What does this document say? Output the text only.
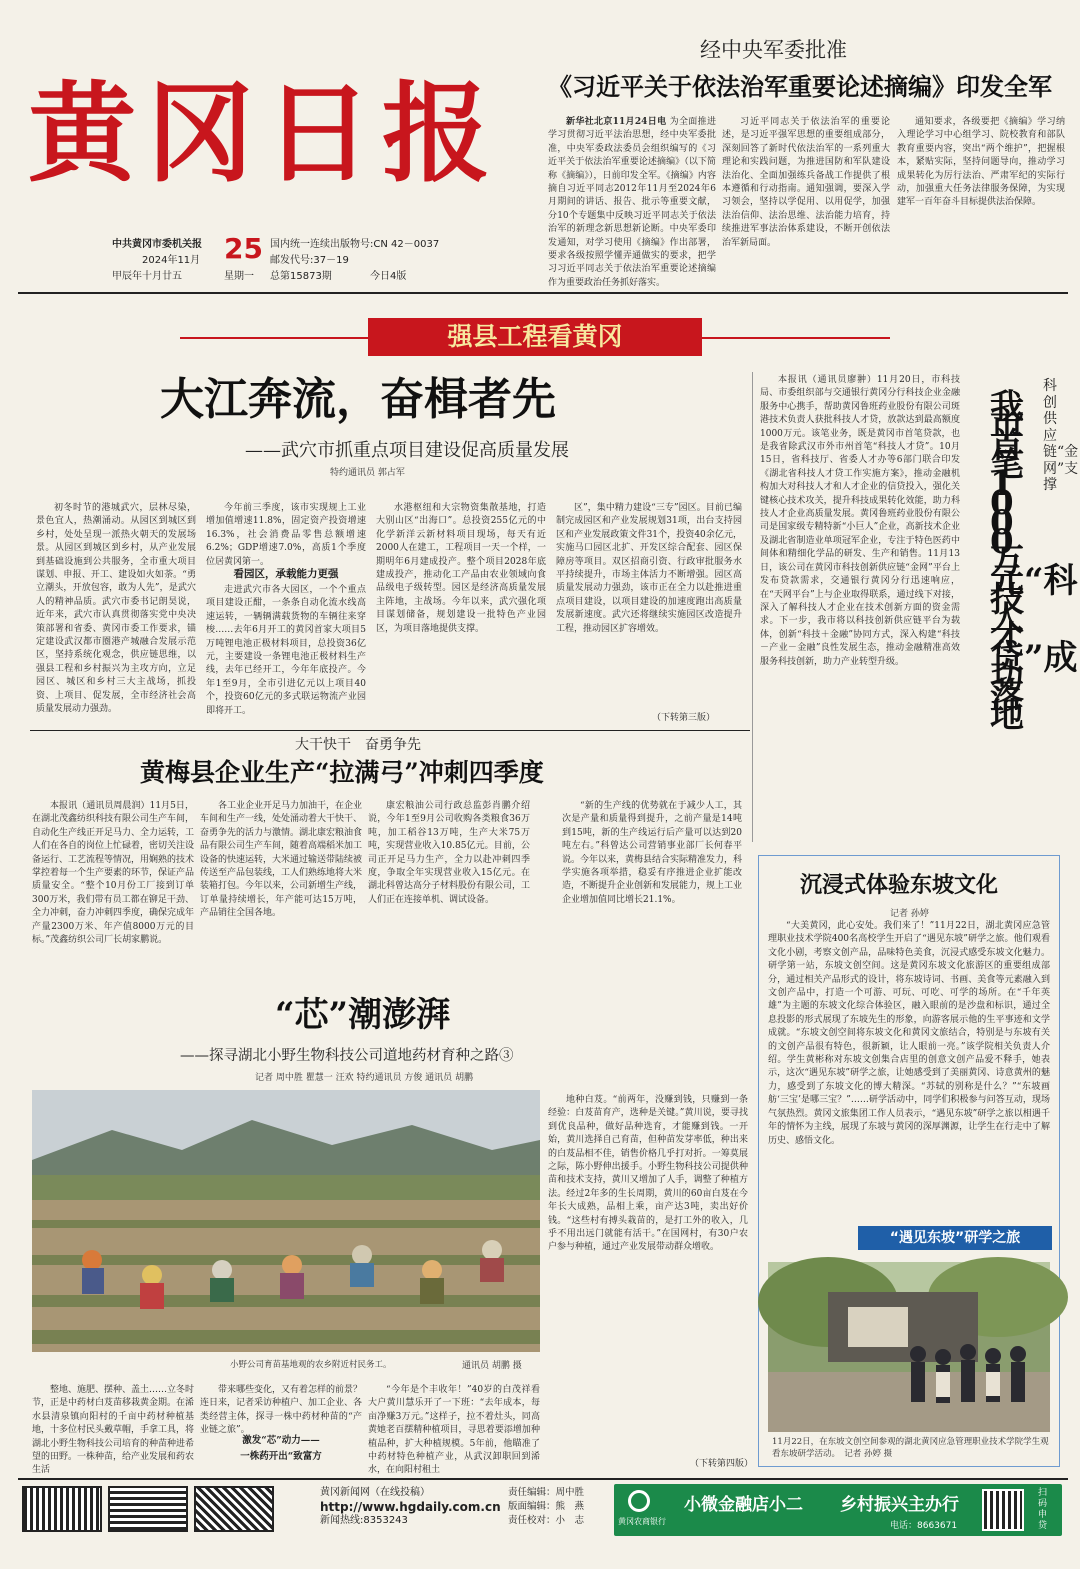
黄冈日报
中共黄冈市委机关报
2024年11月
甲辰年十月廿五
25
星期一
国内统一连续出版物号:CN 42－0037
邮发代号:37－19
总第15873期	今日4版
经中央军委批准
《习近平关于依法治军重要论述摘编》印发全军
新华社北京11月24日电 为全面推进学习贯彻习近平法治思想，经中央军委批准，中央军委政法委员会组织编写的《习近平关于依法治军重要论述摘编》（以下简称《摘编》），日前印发全军。《摘编》内容摘自习近平同志2012年11月至2024年6月期间的讲话、报告、批示等重要文献，分10个专题集中反映习近平同志关于依法治军的新理念新思想新论断。中央军委印发通知，对学习使用《摘编》作出部署，要求各级按照学懂弄通做实的要求，把学习习近平同志关于依法治军重要论述摘编作为重要政治任务抓好落实。
习近平同志关于依法治军的重要论述，是习近平强军思想的重要组成部分，深刻回答了新时代依法治军的一系列重大理论和实践问题，为推进国防和军队建设法治化、全面加强练兵备战工作提供了根本遵循和行动指南。通知强调，要深入学习领会，坚持以学促用、以用促学，加强法治信仰、法治思维、法治能力培育，持续推进军事法治体系建设，不断开创依法治军新局面。
通知要求，各级要把《摘编》学习纳入理论学习中心组学习、院校教育和部队教育重要内容，突出“两个维护”，把握根本，紧贴实际，坚持问题导向，推动学习成果转化为厉行法治、严肃军纪的实际行动，加强重大任务法律服务保障，为实现建军一百年奋斗目标提供法治保障。
强县工程看黄冈
大江奔流，奋楫者先
——武穴市抓重点项目建设促高质量发展
特约通讯员 郭占军
初冬时节的港城武穴，层林尽染，景色宜人，热潮涌动。从园区到城区到乡村，处处呈现一派热火朝天的发展场景。从园区到城区到乡村，从产业发展到基础设施到公共服务，全市重大项目谋划、申报、开工、建设如火如荼。“勇立潮头，开放包容，敢为人先”，是武穴人的精神品质。武穴市委书记朗昊说，近年来，武穴市认真贯彻落实党中央决策部署和省委、黄冈市委工作要求，锚定建设武汉都市圈港产城融合发展示范区，坚持系统化观念，供应链思维，以强县工程和乡村振兴为主攻方向，立足园区、城区和乡村三大主战场，抓投资、上项目、促发展，全市经济社会高质量发展动力强劲。
今年前三季度，该市实现规上工业增加值增速11.8%，固定资产投资增速16.3%，社会消费品零售总额增速6.2%；GDP增速7.0%，高质1个季度位居黄冈第一。
看园区，承载能力更强
走进武穴市各大园区，一个个重点项目建设正酣，一条条自动化流水线高速运转，一辆辆满载货物的车辆往来穿梭……去年6月开工的黄冈首家大项目5万吨锂电池正极材料项目，总投资36亿元，主要建设一条锂电池正极材料生产线，去年已经开工，今年年底投产。今年1至9月，全市引进亿元以上项目40个，投资60亿元的多式联运物流产业园即将开工。
水港枢纽和大宗物资集散基地，打造大别山区“出海口”。总投资255亿元的中化学新洋云新材料项目现场，每天有近2000人在建工，工程项目一天一个样，一期明年6月建成投产。整个项目2028年底建成投产，推动化工产品由农业领域向食品级电子级转型。园区是经济高质量发展主阵地，主战场。今年以来，武穴强化项目谋划储备，规划建设一批特色产业园区，为项目落地提供支撑。
区”，集中精力建设“三专”园区。目前已编制完成园区和产业发展规划31项，出台支持园区和产业发展政策文件31个，投资40余亿元，实施马口园区北扩、开发区综合配套、园区保障房等项目。双区招商引资、行政审批服务水平持续提升，市场主体活力不断增强。园区高质量发展动力强劲，该市正在全力以赴推进重点项目建设，以项目建设的加速度跑出高质量发展新速度。武穴还将继续实施园区改造提升工程，推动园区扩容增效。
（下转第三版）
大干快干　奋勇争先
黄梅县企业生产“拉满弓”冲刺四季度
本报讯（通讯员周晨润）11月5日，在湖北茂鑫纺织科技有限公司生产车间，自动化生产线正开足马力、全力运转，工人们在各自的岗位上忙碌着，密切关注设备运行、工艺流程等情况，用娴熟的技术掌控着每一个生产要素的环节，保证产品质量安全。“整个10月份工厂接到订单300万米，我们带有员工都在铆足干劲、全力冲刺，奋力冲刺四季度，确保完成年产量2300万米、年产值8000万元的目标。”茂鑫纺织公司厂长胡家鹏说。
各工业企业开足马力加油干，在企业车间和生产一线，处处涌动着大干快干、奋勇争先的活力与激情。湖北康宏粮油食品有限公司生产车间，随着高端稻米加工设备的快速运转，大米通过输送带陆续被传送至产品包装线，工人们熟练地将大米装箱打包。今年以来，公司新增生产线，订单量持续增长，年产能可达15万吨，产品销往全国各地。
康宏粮油公司行政总监彭肖鹏介绍说，今年1至9月公司收购各类粮食36万吨，加工稻谷13万吨，生产大米75万吨，实现营业收入10.85亿元。目前，公司正开足马力生产，全力以赴冲刺四季度，争取全年实现营业收入15亿元。在湖北科曾达高分子材料股份有限公司，工人们正在连接单机、调试设备。
“新的生产线的优势就在于减少人工，其次是产量和质量得到提升，之前产量是14吨到15吨，新的生产线运行后产量可以达到20吨左右。”科曾达公司营销事业部厂长何春平说。今年以来，黄梅县结合实际精准发力，科学实施各项举措，稳妥有序推进企业扩能改造，不断提升企业创新和发展能力，规上工业企业增加值同比增长21.1%。
本报讯（通讯员廖翀）11月20日，市科技局、市委组织部与交通银行黄冈分行科技企业金融服务中心携手，帮助黄冈鲁班药业股份有限公司斑港技术负责人获批科技人才贷，放款达到最高额度1000万元。该笔业务，既是黄冈市首笔贷款，也是我省除武汉市外市州首笔“科技人才贷”。10月15日，省科技厅、省委人才办等6部门联合印发《湖北省科技人才贷工作实施方案》，推动金融机构加大对科技人才和人才企业的信贷投入，强化关键核心技术攻关，提升科技成果转化效能，助力科技人才企业高质量发展。黄冈鲁班药业股份有限公司是国家级专精特新“小巨人”企业，高新技术企业及湖北省制造业单项冠军企业，专注于特色医药中间体和精细化学品的研发、生产和销售。11月13日，该公司在黄冈市科技创新供应链“金网”平台上发布贷款需求，交通银行黄冈分行迅速响应，在“天网平台”上与企业取得联系，通过线下对接，深入了解科技人才企业在技术创新方面的资金需求。下一步，我市将以科技创新供应链平台为载体，创新“科技＋金融”协同方式，深入构建“科技－产业－金融”良性发展生态，推动金融精准高效服务科技创新，助力产业转型升级。
科创供应链“金网”支撑
我市首笔1000万元“科技人才贷”成功落地
沉浸式体验东坡文化
记者 孙婷
“大美黄冈，此心安处。我们来了！”11月22日，湖北黄冈应急管理职业技术学院400名高校学生开启了“遇见东坡”研学之旅。他们观看文化小剧，考察文创产品，品味特色美食，沉浸式感受东坡文化魅力。研学第一站，东坡文创空间。这是黄冈东坡文化旅游区的重要组成部分，通过相关产品形式的设计，将东坡诗词、书画、美食等元素融入到文创产品中，打造一个可游、可玩、可吃、可学的场所。在“千年英雄”为主题的东坡文化综合体验区，融入眼前的是沙盘和标识，通过全息投影的形式展现了东坡先生的形象，向游客展示他的生平事迹和文学成就。“东坡文创空间将东坡文化和黄冈文旅结合，特别是与东坡有关的文创产品很有特色，很新颖，让人眼前一亮。”该学院相关负责人介绍。学生黄彬称对东坡文创集合店里的创意文创产品爱不释手，她表示，这次“遇见东坡”研学之旅，让她感受到了美丽黄冈、诗意黄州的魅力，感受到了东坡文化的博大精深。“苏轼的别称是什么？”“东坡画舫‘三宝’是哪三宝？”……研学活动中，同学们积极参与问答互动，现场气氛热烈。黄冈文旅集团工作人员表示，“遇见东坡”研学之旅以相遇千年的情怀为主线，展现了东坡与黄冈的深厚渊源，让学生在行走中了解历史、感悟文化。
“遇见东坡”研学之旅
11月22日，在东坡文创空间参观的湖北黄冈应急管理职业技术学院学生观看东坡研学活动。　记者 孙婷 摄
“芯”潮澎湃
——探寻湖北小野生物科技公司道地药材育种之路③
记者 周中胜 瞿慧一 汪欢 特约通讯员 方俊 通讯员 胡鹏
小野公司育苗基地观的农乡附近村民务工。	通讯员 胡鹏 摄
整地、施肥、摆种、盖土……立冬时节，正是中药材白芨苗移栽黄金期。在浠水县清泉镇向阳村的千亩中药材种植基地，十多位村民头戴草帽，手拿工具，将湖北小野生物科技公司培育的种苗种进希望的田野。一株种苗，给产业发展和药农生活
带来哪些变化，又有着怎样的前景？连日来，记者采访种植户、加工企业、各类经营主体，探寻一株中药材种苗的“产业链之旅”。
激发“芯”动力——
一株药开出“致富方
“今年是个丰收年！”40岁的白茂祥看大户黄川慧乐开了一下班：“去年成本，每亩净赚3万元。”这样子，拉不着灶头，同高黄她老百摆精种植项目，寻思着要添增加种植品种，扩大种植规模。5年前，他瞄准了中药材特色种植产业，从武汉卸职回到浠水，在向阳村租土
地种白芨。“前两年，没赚到钱，只赚到一条经验：白芨苗育产，选种是关键。”黄川说，要寻找到优良品种，做好品种选育，才能赚到钱。一开始，黄川选择自己育苗，但种苗发芽率低，种出来的白芨品相不佳，销售价格几乎打对折。一筹莫展之际，陈小野伸出援手。小野生物科技公司提供种苗和技术支持，黄川又增加了人手，调整了种植方法。经过2年多的生长周期，黄川的60亩白芨在今年长大成熟，品相上乘，亩产达3吨，卖出好价钱。“这些村有搏头栽苗的，是打工外的收入，几乎不用出远门就能有活干。”在国网村，有30户农户参与种植，通过产业发展带动群众增收。
（下转第四版）
黄冈新闻网（在线投稿）
http://www.hgdaily.com.cn
新闻热线:8353243
责任编辑：周中胜
版面编辑：熊　燕
责任校对：小　志	黄冈农商银行
小微金融店小二 乡村振兴主办行
电话：8663671
扫码申贷
